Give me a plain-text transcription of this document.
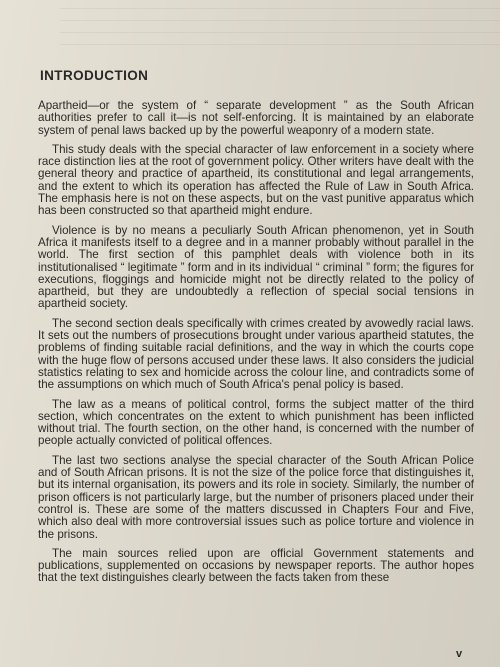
INTRODUCTION

Apartheid—or the system of “ separate development ” as the South African authorities prefer to call it—is not self-enforcing. It is maintained by an elaborate system of penal laws backed up by the powerful weaponry of a modern state.

This study deals with the special character of law enforcement in a society where race distinction lies at the root of government policy. Other writers have dealt with the general theory and practice of apartheid, its constitutional and legal arrangements, and the extent to which its operation has affected the Rule of Law in South Africa. The emphasis here is not on these aspects, but on the vast punitive apparatus which has been constructed so that apartheid might endure.

Violence is by no means a peculiarly South African phenomenon, yet in South Africa it manifests itself to a degree and in a manner probably without parallel in the world. The first section of this pamphlet deals with violence both in its institutionalised “ legitimate ” form and in its individual “ criminal ” form; the figures for executions, floggings and homicide might not be directly related to the policy of apartheid, but they are undoubtedly a reflection of special social tensions in apartheid society.

The second section deals specifically with crimes created by avowedly racial laws. It sets out the numbers of prosecutions brought under various apartheid statutes, the problems of finding suitable racial definitions, and the way in which the courts cope with the huge flow of persons accused under these laws. It also considers the judicial statistics relating to sex and homicide across the colour line, and contradicts some of the assumptions on which much of South Africa's penal policy is based.

The law as a means of political control, forms the subject matter of the third section, which concentrates on the extent to which punishment has been inflicted without trial. The fourth section, on the other hand, is concerned with the number of people actually convicted of political offences.

The last two sections analyse the special character of the South African Police and of South African prisons. It is not the size of the police force that distinguishes it, but its internal organisation, its powers and its role in society. Similarly, the number of prison officers is not particularly large, but the number of prisoners placed under their control is. These are some of the matters discussed in Chapters Four and Five, which also deal with more controversial issues such as police torture and violence in the prisons.

The main sources relied upon are official Government statements and publications, supplemented on occasions by newspaper reports. The author hopes that the text distinguishes clearly between the facts taken from these

v
